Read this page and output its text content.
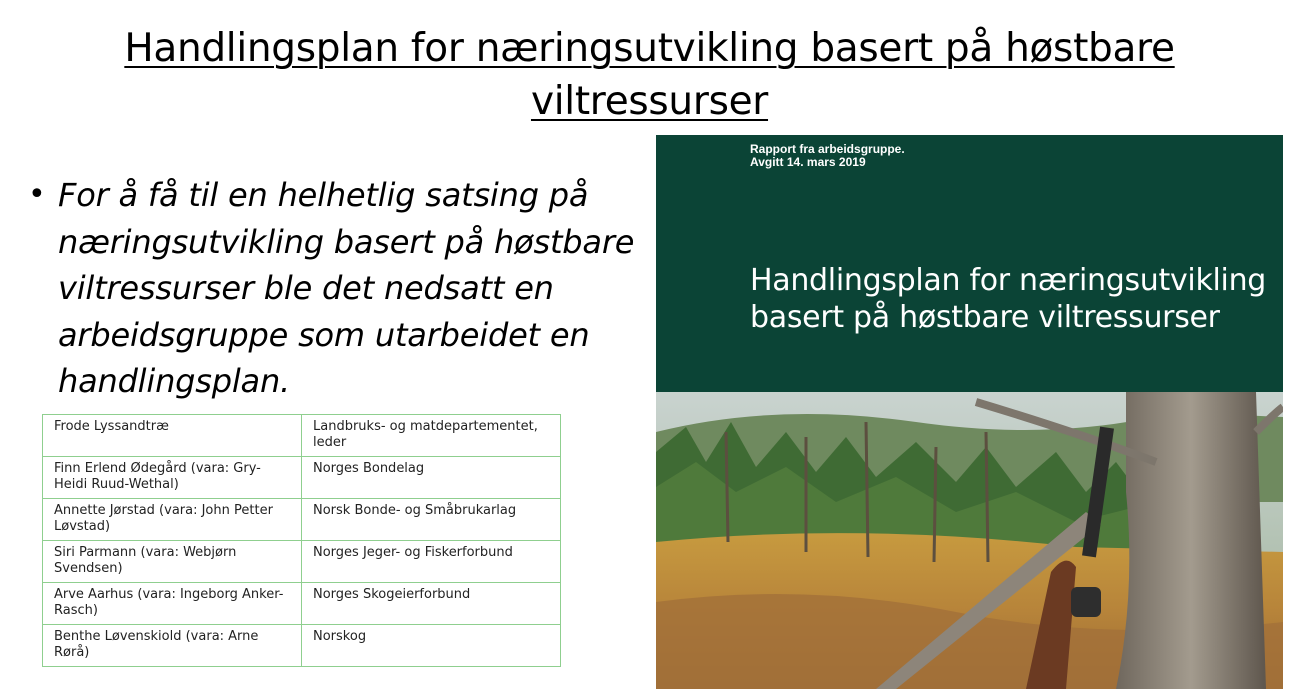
Handlingsplan for næringsutvikling basert på høstbare viltressurser
• For å få til en helhetlig satsing på næringsutvikling basert på høstbare viltressurser ble det nedsatt en arbeidsgruppe som utarbeidet en handlingsplan.
Frode Lyssandtræ	Landbruks- og matdepartementet, leder
Finn Erlend Ødegård (vara: Gry-Heidi Ruud-Wethal)	Norges Bondelag
Annette Jørstad (vara: John Petter Løvstad)	Norsk Bonde- og Småbrukarlag
Siri Parmann (vara: Webjørn Svendsen)	Norges Jeger- og Fiskerforbund
Arve Aarhus (vara: Ingeborg Anker-Rasch)	Norges Skogeierforbund
Benthe Løvenskiold (vara: Arne Rørå)	Norskog
Rapport fra arbeidsgruppe.
Avgitt 14. mars 2019
Handlingsplan for næringsutvikling basert på høstbare viltressurser
